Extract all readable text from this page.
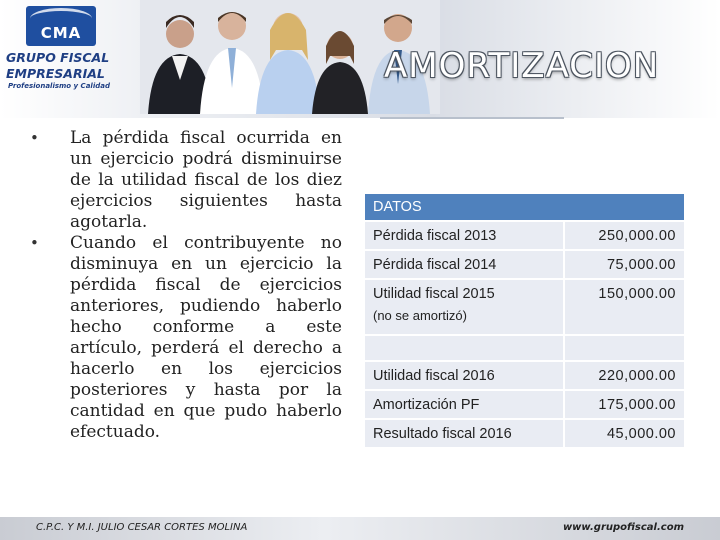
CMA
GRUPO FISCAL
EMPRESARIAL
Profesionalismo y Calidad	AMORTIZACION
•	La pérdida fiscal ocurrida en un ejercicio podrá disminuirse de la utilidad fiscal de los diez ejercicios siguientes hasta agotarla.
•	Cuando el contribuyente no disminuya en un ejercicio la pérdida fiscal de ejercicios anteriores, pudiendo haberlo hecho conforme a este artículo, perderá el derecho a hacerlo en los ejercicios posteriores y hasta por la cantidad en que pudo haberlo efectuado.
DATOS	
Pérdida fiscal 2013	250,000.00
Pérdida fiscal 2014	75,000.00
Utilidad fiscal 2015
(no se amortizó)	150,000.00

Utilidad fiscal 2016	220,000.00
Amortización PF	175,000.00
Resultado fiscal 2016	45,000.00
C.P.C. Y M.I. JULIO CESAR CORTES MOLINA	www.grupofiscal.com
